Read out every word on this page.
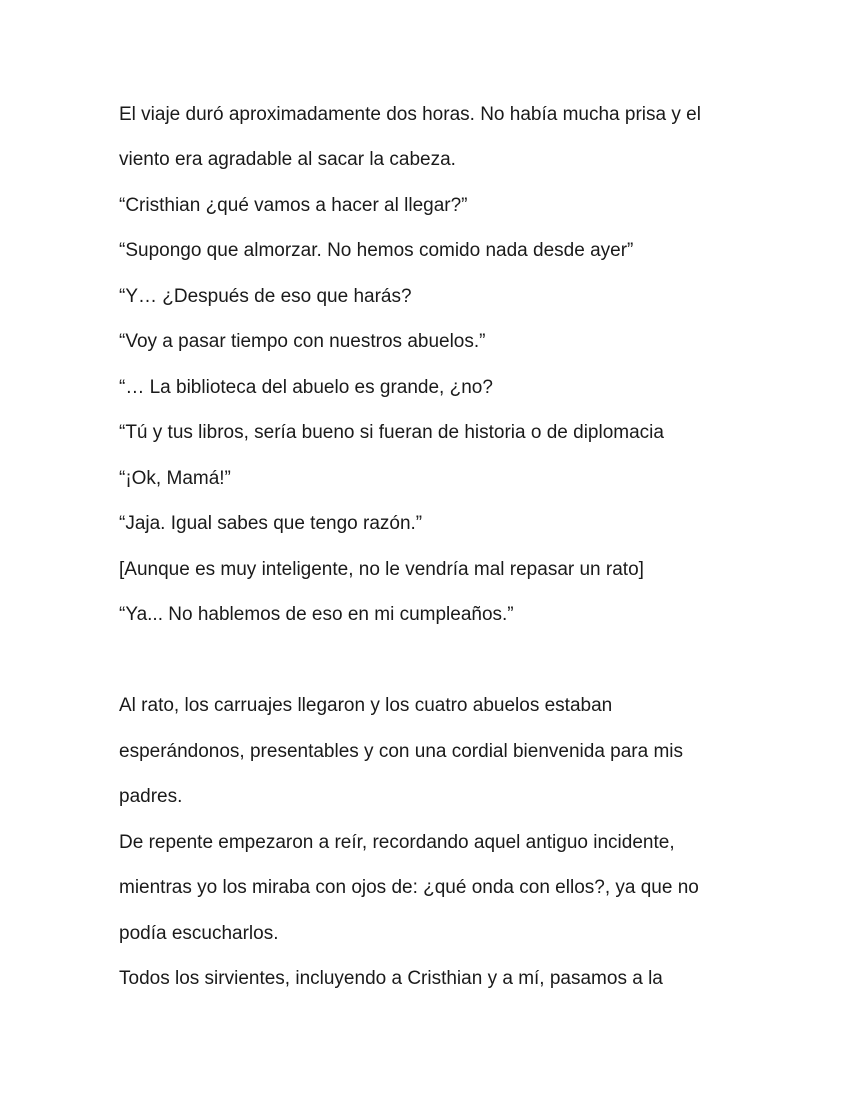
El viaje duró aproximadamente dos horas. No había mucha prisa y el

viento era agradable al sacar la cabeza.

“Cristhian ¿qué vamos a hacer al llegar?”

“Supongo que almorzar. No hemos comido nada desde ayer”

“Y… ¿Después de eso que harás?

“Voy a pasar tiempo con nuestros abuelos.”

“… La biblioteca del abuelo es grande, ¿no?

“Tú y tus libros, sería bueno si fueran de historia o de diplomacia

“¡Ok, Mamá!”

“Jaja. Igual sabes que tengo razón.”

[Aunque es muy inteligente, no le vendría mal repasar un rato]

“Ya... No hablemos de eso en mi cumpleaños.”

Al rato, los carruajes llegaron y los cuatro abuelos estaban

esperándonos, presentables y con una cordial bienvenida para mis

padres.

De repente empezaron a reír, recordando aquel antiguo incidente,

mientras yo los miraba con ojos de: ¿qué onda con ellos?, ya que no

podía escucharlos.

Todos los sirvientes, incluyendo a Cristhian y a mí, pasamos a la
